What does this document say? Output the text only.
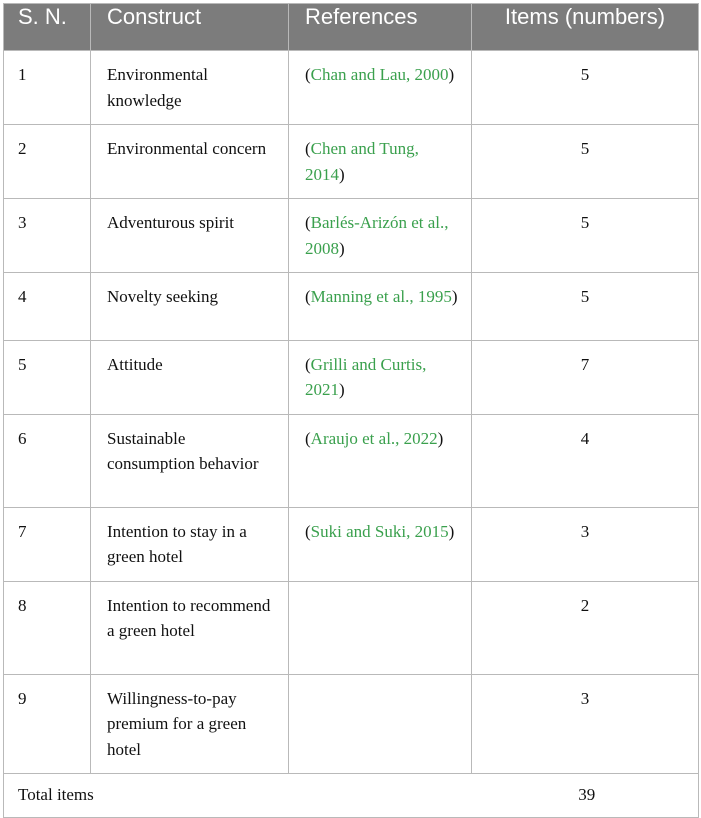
S. N.	Construct	References	Items (numbers)
1	Environmental knowledge	(Chan and Lau, 2000)	5
2	Environmental concern	(Chen and Tung, 2014)	5
3	Adventurous spirit	(Barlés-Arizón et al., 2008)	5
4	Novelty seeking	(Manning et al., 1995)	5
5	Attitude	(Grilli and Curtis, 2021)	7
6	Sustainable consumption behavior	(Araujo et al., 2022)	4
7	Intention to stay in a green hotel	(Suki and Suki, 2015)	3
8	Intention to recommend a green hotel		2
9	Willingness-to-pay premium for a green hotel		3
Total items			39
